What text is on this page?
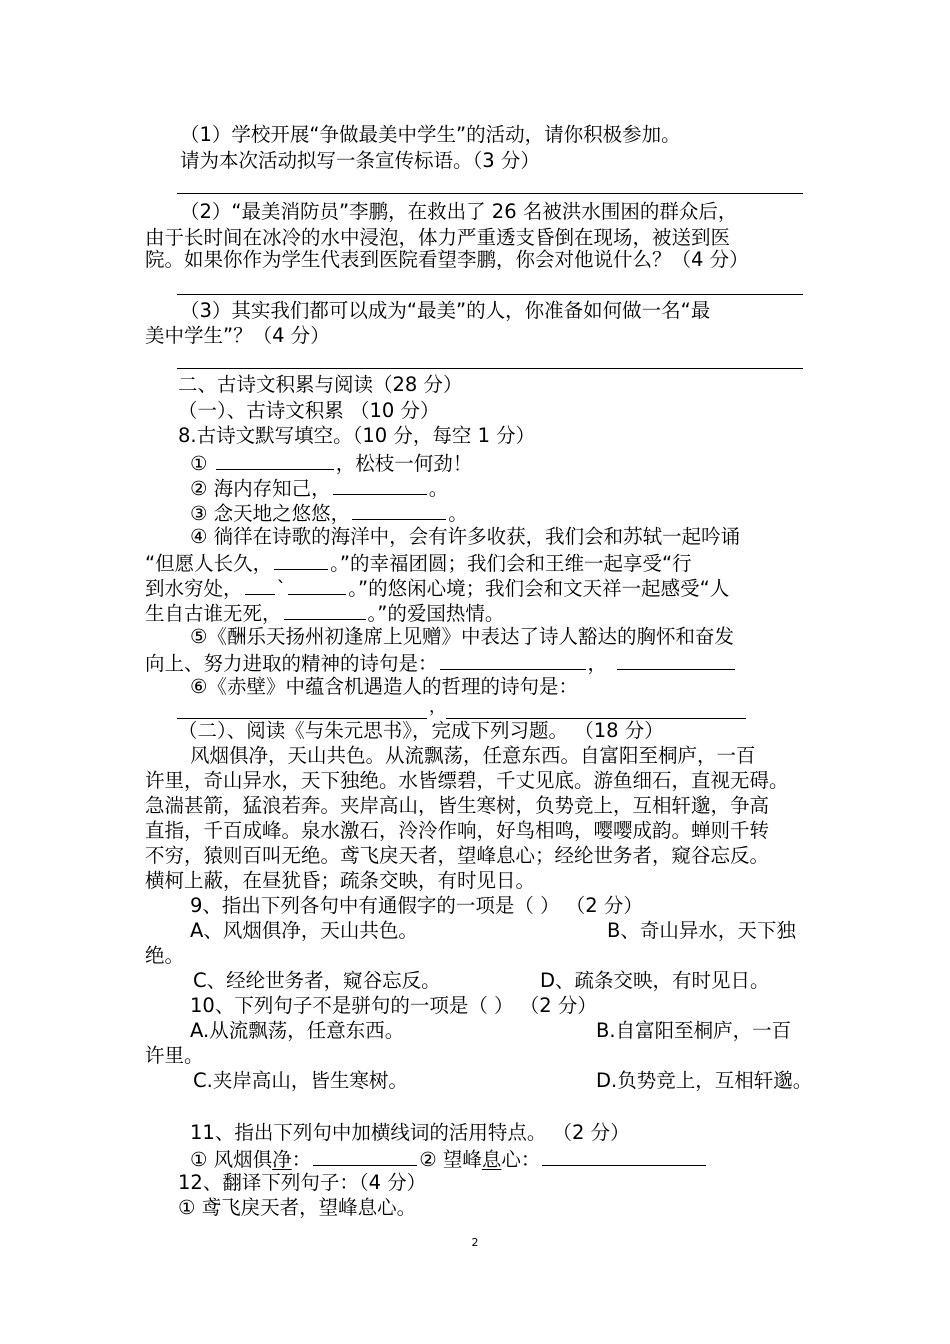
（1）学校开展“争做最美中学生”的活动，请你积极参加。
请为本次活动拟写一条宣传标语。（3 分）
（2）“最美消防员”李鹏，在救出了 26 名被洪水围困的群众后，
由于长时间在冰冷的水中浸泡，体力严重透支昏倒在现场，被送到医
院。如果你作为学生代表到医院看望李鹏，你会对他说什么？（4 分）
（3）其实我们都可以成为“最美”的人，你准备如何做一名“最
美中学生”？（4 分）
二、古诗文积累与阅读（28 分）
（一）、古诗文积累 （10 分）
8.古诗文默写填空。（10 分，每空 1 分）
①	，松枝一何劲！
② 海内存知己，	。
③ 念天地之悠悠，	。
④ 徜徉在诗歌的海洋中，会有许多收获，我们会和苏轼一起吟诵
“但愿人长久，	。”的幸福团圆；我们会和王维一起享受“行
到水穷处， `	。”的悠闲心境；我们会和文天祥一起感受“人
生自古谁无死，	。”的爱国热情。
⑤《酬乐天扬州初逢席上见赠》中表达了诗人豁达的胸怀和奋发
向上、努力进取的精神的诗句是：	，
⑥《赤壁》中蕴含机遇造人的哲理的诗句是：
，
（二）、阅读《与朱元思书》，完成下列习题。 （18 分）
风烟俱净，天山共色。从流飘荡，任意东西。自富阳至桐庐，一百
许里，奇山异水，天下独绝。水皆缥碧，千丈见底。游鱼细石，直视无碍。
急湍甚箭，猛浪若奔。夹岸高山，皆生寒树，负势竞上，互相轩邈，争高
直指，千百成峰。泉水激石，泠泠作响，好鸟相鸣，嘤嘤成韵。蝉则千转
不穷，猿则百叫无绝。鸢飞戾天者，望峰息心；经纶世务者，窥谷忘反。
横柯上蔽，在昼犹昏；疏条交映，有时见日。
9、指出下列各句中有通假字的一项是（ ） （2 分）
A、风烟俱净，天山共色。	B、奇山异水，天下独
绝。
C、经纶世务者，窥谷忘反。	D、疏条交映，有时见日。
10、下列句子不是骈句的一项是（ ） （2 分）
A.从流飘荡，任意东西。	B.自富阳至桐庐，一百
许里。
C.夹岸高山，皆生寒树。	D.负势竞上，互相轩邈。
11、指出下列句中加横线词的活用特点。 （2 分）
① 风烟俱净：	② 望峰息心：
12、翻译下列句子：（4 分）
① 鸢飞戾天者，望峰息心。
2
